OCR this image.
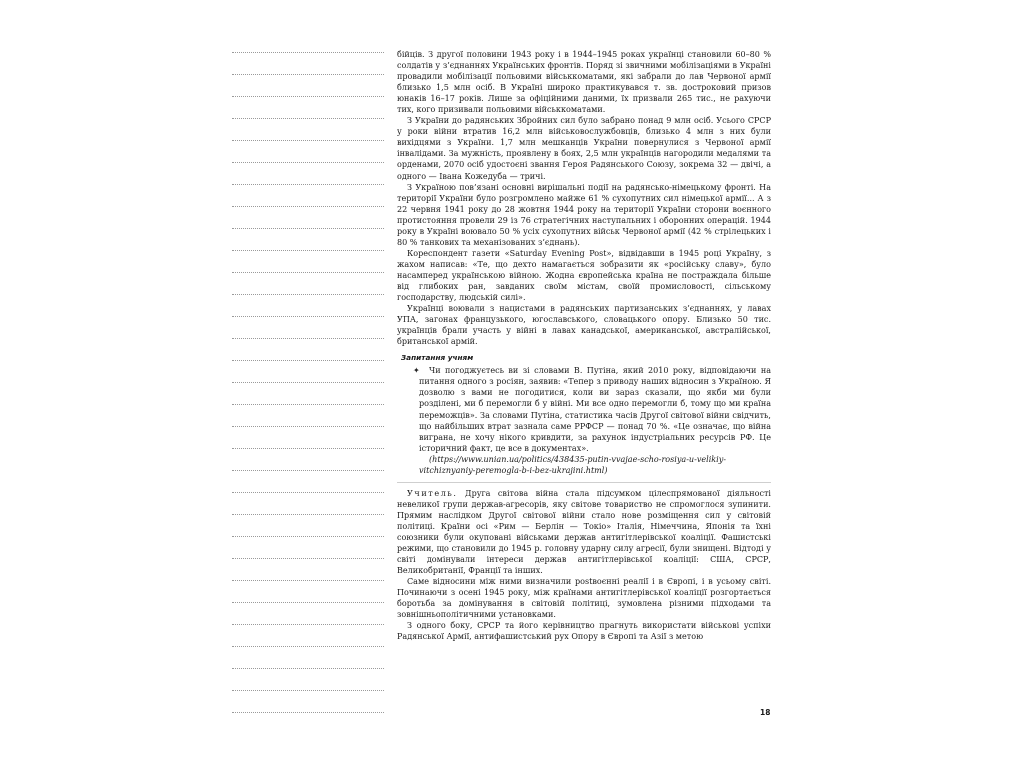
бійців. З другої половини 1943 року і в 1944–1945 роках українці становили 60–80 % солдатів у з’єднаннях Українських фронтів. Поряд зі звичними мобілізаціями в Україні провадили мобілізації польовими військкоматами, які забрали до лав Червоної армії близько 1,5 млн осіб. В Україні широко практикувався т. зв. достроковий призов юнаків 16–17 років. Лише за офіційними даними, їх призвали 265 тис., не рахуючи тих, кого призивали польовими військкоматами.

З України до радянських Збройних сил було забрано понад 9 млн осіб. Усього СРСР у роки війни втратив 16,2 млн військовослужбовців, близько 4 млн з них були вихідцями з України. 1,7 млн мешканців України повернулися з Червоної армії інвалідами. За мужність, проявлену в боях, 2,5 млн українців нагородили медалями та орденами, 2070 осіб удостоєні звання Героя Радянського Союзу, зокрема 32 — двічі, а одного — Івана Кожедуба — тричі.

З Україною пов’язані основні вирішальні події на радянсько-німецькому фронті. На території України було розгромлено майже 61 % сухопутних сил німецької армії... А з 22 червня 1941 року до 28 жовтня 1944 року на території України сторони воєнного протистояння провели 29 із 76 стратегічних наступальних і оборонних операцій. 1944 року в Україні воювало 50 % усіх сухопутних військ Червоної армії (42 % стрілецьких і 80 % танкових та механізованих з’єднань).

Кореспондент газети «Saturday Evening Post», відвідавши в 1945 році Україну, з жахом написав: «Те, що дехто намагається зобразити як «російську славу», було насамперед українською війною. Жодна європейська країна не постраждала більше від глибоких ран, завданих своїм містам, своїй промисловості, сільському господарству, людській силі».

Українці воювали з нацистами в радянських партизанських з’єднаннях, у лавах УПА, загонах французького, югославського, словацького опору. Близько 50 тис. українців брали участь у війні в лавах канадської, американської, австралійської, британської армій.

Запитання учням

✦ Чи погоджуєтесь ви зі словами В. Путіна, який 2010 року, відповідаючи на питання одного з росіян, заявив: «Тепер з приводу наших відносин з Україною. Я дозволю з вами не погодитися, коли ви зараз сказали, що якби ми були розділені, ми б перемогли б у війні. Ми все одно перемогли б, тому що ми країна переможців». За словами Путіна, статистика часів Другої світової війни свідчить, що найбільших втрат зазнала саме РРФСР — понад 70 %. «Це означає, що війна виграна, не хочу нікого кривдити, за рахунок індустріальних ресурсів РФ. Це історичний факт, це все в документах».

(https://www.unian.ua/politics/438435-putin-vvajae-scho-rosiya-u-velikiy-vitchiznyaniy-peremogla-b-i-bez-ukrajini.html)

Учитель. Друга світова війна стала підсумком цілеспрямованої діяльності невеликої групи держав-агресорів, яку світове товариство не спромоглося зупинити. Прямим наслідком Другої світової війни стало нове розміщення сил у світовій політиці. Країни осі «Рим — Берлін — Токіо» Італія, Німеччина, Японія та їхні союзники були окуповані військами держав антигітлерівської коаліції. Фашистські режими, що становили до 1945 р. головну ударну силу агресії, були знищені. Відтоді у світі домінували інтереси держав антигітлерівської коаліції: США, СРСР, Великобританії, Франції та інших.

Саме відносини між ними визначили postвоєнні реалії і в Європі, і в усьому світі. Починаючи з осені 1945 року, між країнами антигітлерівської коаліції розгортається боротьба за домінування в світовій політиці, зумовлена різними підходами та зовнішньополітичними установками.

З одного боку, СРСР та його керівництво прагнуть використати військові успіхи Радянської Армії, антифашистський рух Опору в Європі та Азії з метою

18
